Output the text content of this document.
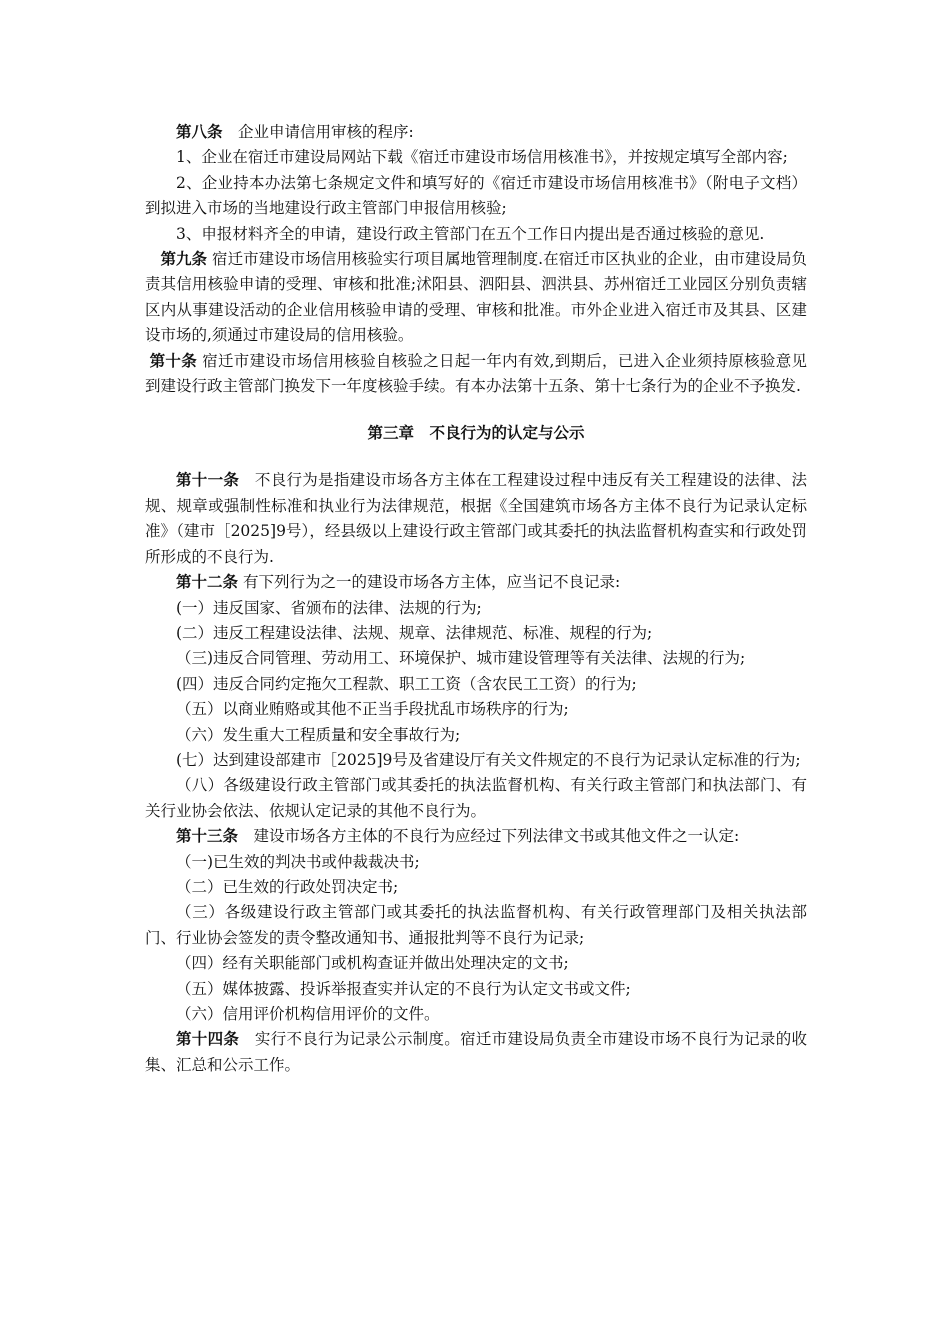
第八条　企业申请信用审核的程序:

1、企业在宿迁市建设局网站下载《宿迁市建设市场信用核准书》，并按规定填写全部内容;

2、企业持本办法第七条规定文件和填写好的《宿迁市建设市场信用核准书》（附电子文档）到拟进入市场的当地建设行政主管部门申报信用核验;

3、申报材料齐全的申请，建设行政主管部门在五个工作日内提出是否通过核验的意见.

第九条 宿迁市建设市场信用核验实行项目属地管理制度.在宿迁市区执业的企业，由市建设局负责其信用核验申请的受理、审核和批准;沭阳县、泗阳县、泗洪县、苏州宿迁工业园区分别负责辖区内从事建设活动的企业信用核验申请的受理、审核和批准。市外企业进入宿迁市及其县、区建设市场的,须通过市建设局的信用核验。

第十条 宿迁市建设市场信用核验自核验之日起一年内有效,到期后，已进入企业须持原核验意见到建设行政主管部门换发下一年度核验手续。有本办法第十五条、第十七条行为的企业不予换发.

第三章　不良行为的认定与公示

第十一条　不良行为是指建设市场各方主体在工程建设过程中违反有关工程建设的法律、法规、规章或强制性标准和执业行为法律规范，根据《全国建筑市场各方主体不良行为记录认定标准》（建市［2025]9号），经县级以上建设行政主管部门或其委托的执法监督机构查实和行政处罚所形成的不良行为.

第十二条 有下列行为之一的建设市场各方主体，应当记不良记录:

(一）违反国家、省颁布的法律、法规的行为;

(二）违反工程建设法律、法规、规章、法律规范、标准、规程的行为;

（三)违反合同管理、劳动用工、环境保护、城市建设管理等有关法律、法规的行为;

(四）违反合同约定拖欠工程款、职工工资（含农民工工资）的行为;

（五）以商业贿赂或其他不正当手段扰乱市场秩序的行为;

（六）发生重大工程质量和安全事故行为;

(七）达到建设部建市［2025]9号及省建设厅有关文件规定的不良行为记录认定标准的行为;

（八）各级建设行政主管部门或其委托的执法监督机构、有关行政主管部门和执法部门、有关行业协会依法、依规认定记录的其他不良行为。

第十三条　建设市场各方主体的不良行为应经过下列法律文书或其他文件之一认定:

（一)已生效的判决书或仲裁裁决书;

（二）已生效的行政处罚决定书;

（三）各级建设行政主管部门或其委托的执法监督机构、有关行政管理部门及相关执法部门、行业协会签发的责令整改通知书、通报批判等不良行为记录;

（四）经有关职能部门或机构查证并做出处理决定的文书;

（五）媒体披露、投诉举报查实并认定的不良行为认定文书或文件;

（六）信用评价机构信用评价的文件。

第十四条　实行不良行为记录公示制度。宿迁市建设局负责全市建设市场不良行为记录的收集、汇总和公示工作。
